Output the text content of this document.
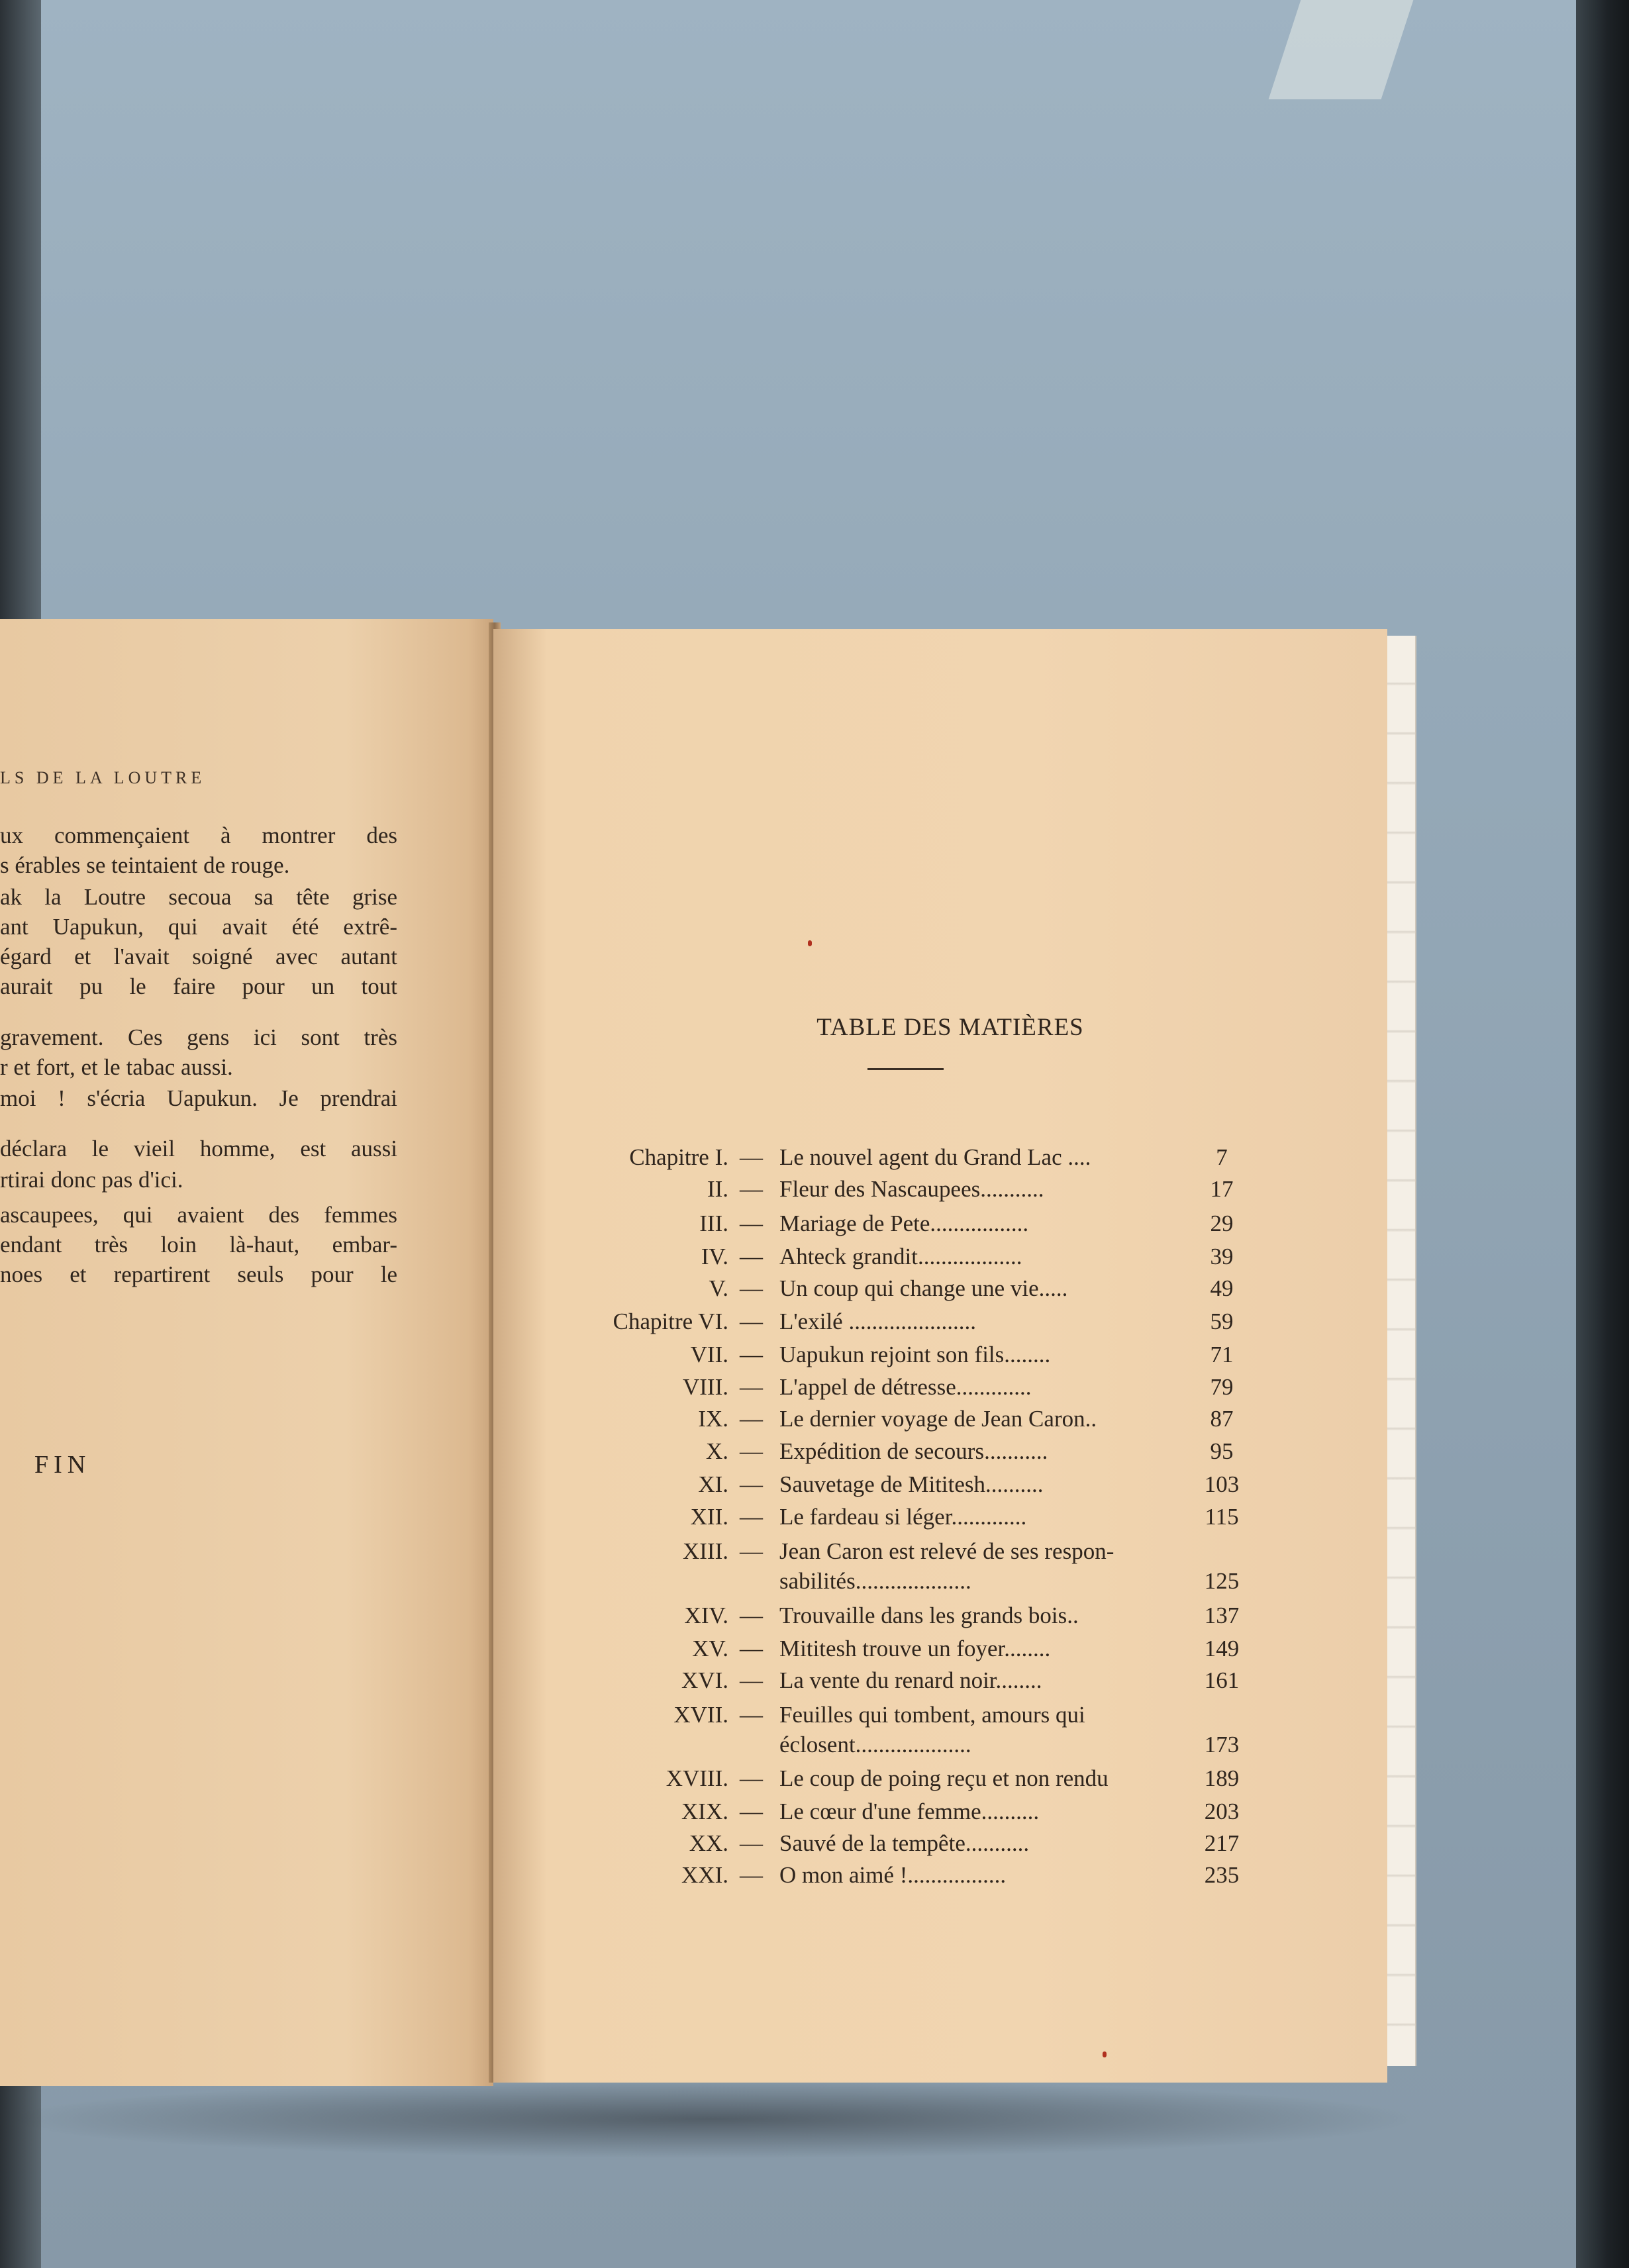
LS DE LA LOUTRE
ux commençaient à montrer des
s érables se teintaient de rouge.
ak la Loutre secoua sa tête grise
ant Uapukun, qui avait été extrê-
égard et l'avait soigné avec autant
aurait pu le faire pour un tout
gravement. Ces gens ici sont très
r et fort, et le tabac aussi.
moi ! s'écria Uapukun. Je prendrai
déclara le vieil homme, est aussi
rtirai donc pas d'ici.
ascaupees, qui avaient des femmes
endant très loin là-haut, embar-
noes et repartirent seuls pour le
FIN
TABLE DES MATIÈRES
Chapitre I. — Le nouvel agent du Grand Lac ....	7
II. — Fleur des Nascaupees...........	17
III. — Mariage de Pete.................	29
IV. — Ahteck grandit..................	39
V. — Un coup qui change une vie.....	49
Chapitre VI. — L'exilé ......................	59
VII. — Uapukun rejoint son fils........	71
VIII. — L'appel de détresse.............	79
IX. — Le dernier voyage de Jean Caron..	87
X. — Expédition de secours...........	95
XI. — Sauvetage de Mititesh..........	103
XII. — Le fardeau si léger.............	115
XIII. — Jean Caron est relevé de ses respon-
sabilités....................	125
XIV. — Trouvaille dans les grands bois..	137
XV. — Mititesh trouve un foyer........	149
XVI. — La vente du renard noir........	161
XVII. — Feuilles qui tombent, amours qui
éclosent....................	173
XVIII. — Le coup de poing reçu et non rendu	189
XIX. — Le cœur d'une femme..........	203
XX. — Sauvé de la tempête...........	217
XXI. — O mon aimé !.................	235
